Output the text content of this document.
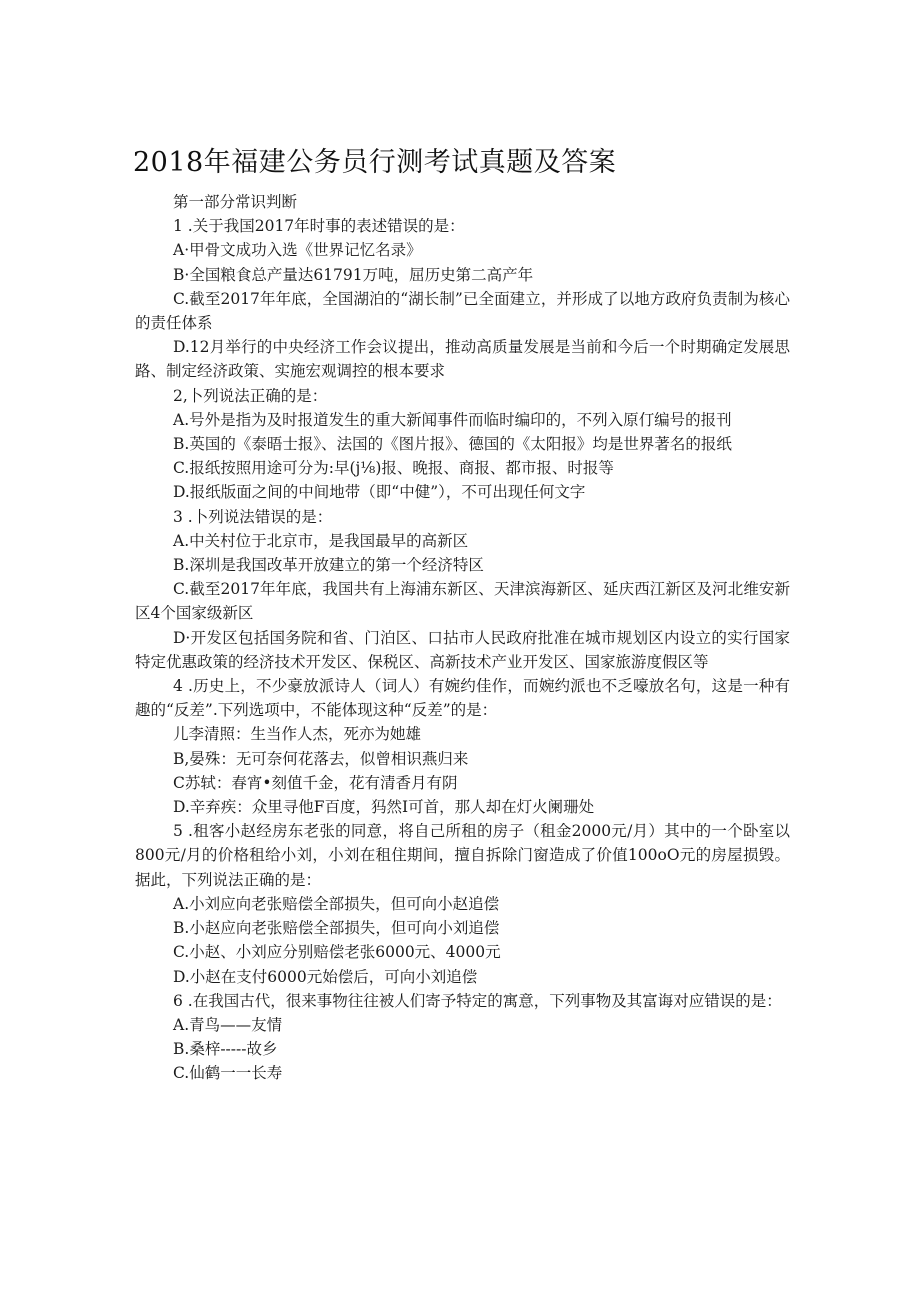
2018年福建公务员行测考试真题及答案

第一部分常识判断

1 .关于我国2017年时事的表述错误的是：

A·甲骨文成功入选《世界记忆名录》

B·全国粮食总产量达61791万吨，屈历史第二高产年

C.截至2017年年底，全国湖泊的“湖长制”已全面建立，并形成了以地方政府负责制为核心的责任体系

D.12月举行的中央经济工作会议提出，推动高质量发展是当前和今后一个时期确定发展思路、制定经济政策、实施宏观调控的根本要求

2,卜列说法正确的是：

A.号外是指为及时报道发生的重大新闻事件而临时编印的，不列入原仃编号的报刊

B.英国的《泰晤士报》、法国的《图片报》、德国的《太阳报》均是世界著名的报纸

C.报纸按照用途可分为:早(j⅛)报、晚报、商报、都市报、时报等

D.报纸版面之间的中间地带（即“中健”），不可出现任何文字

3 .卜列说法错误的是：

A.中关村位于北京市，是我国最早的高新区

B.深圳是我国改革开放建立的第一个经济特区

C.截至2017年年底，我国共有上海浦东新区、天津滨海新区、延庆西江新区及河北维安新区4个国家级新区

D·开发区包括国务院和省、门泊区、口拈市人民政府批准在城市规划区内设立的实行国家特定优惠政策的经济技术开发区、保税区、高新技术产业开发区、国家旅游度假区等

4 .历史上，不少豪放派诗人（词人）有婉约佳作，而婉约派也不乏嚎放名句，这是一种有趣的“反差”.下列选项中，不能体现这种“反差”的是：

儿李清照：生当作人杰，死亦为她雄

B,晏殊：无可奈何花落去，似曾相识燕归来

C苏轼：春宵•刻值千金，花有清香月有阴

D.辛弃疾：众里寻他F百度，犸然I可首，那人却在灯火阑珊处

5 .租客小赵经房东老张的同意，将自己所租的房子（租金2000元/月）其中的一个卧室以800元/月的价格租给小刘，小刘在租住期间，擅自拆除门窗造成了价值100oO元的房屋损毁。据此，下列说法正确的是：

A.小刘应向老张赔偿全部损失，但可向小赵追偿

B.小赵应向老张赔偿全部损失，但可向小刘追偿

C.小赵、小刘应分别赔偿老张6000元、4000元

D.小赵在支付6000元始偿后，可向小刘追偿

6 .在我国古代，很来事物往往被人们寄予特定的寓意，下列事物及其富诲对应错误的是：

A.青鸟——友情

B.桑梓-----故乡

C.仙鹤一一长寿
